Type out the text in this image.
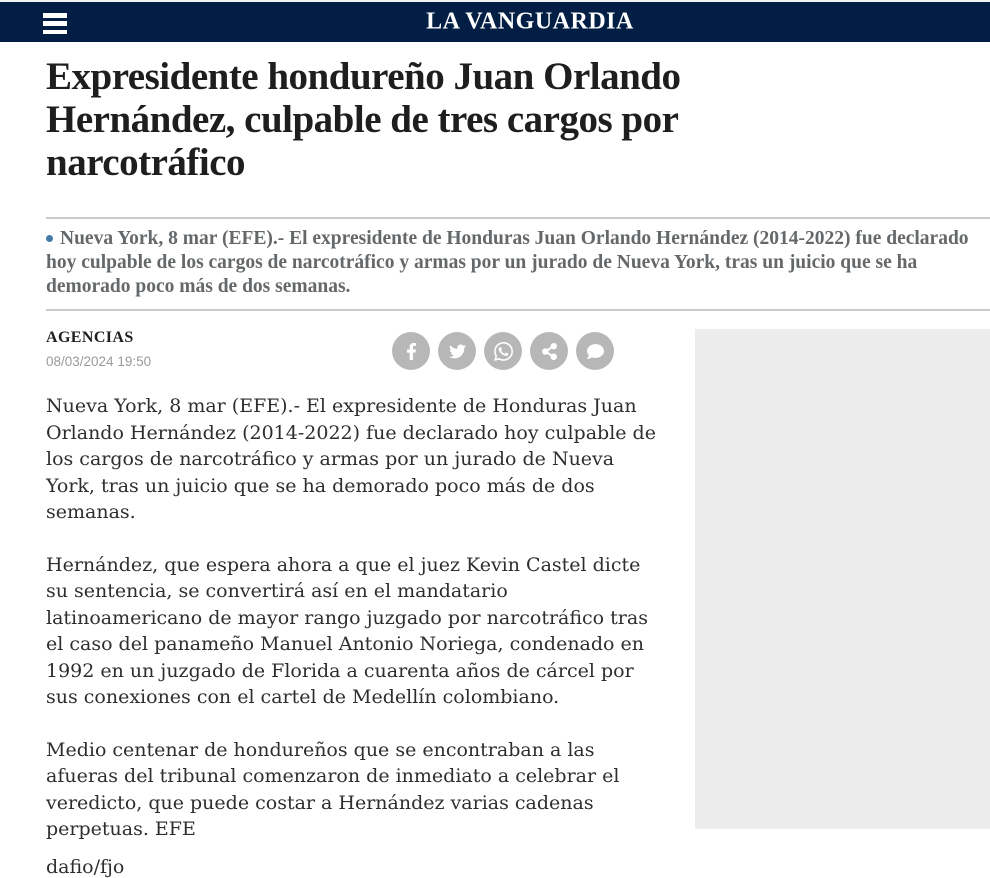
LA VANGUARDIA
Expresidente hondureño Juan Orlando Hernández, culpable de tres cargos por narcotráfico
Nueva York, 8 mar (EFE).- El expresidente de Honduras Juan Orlando Hernández (2014-2022) fue declarado hoy culpable de los cargos de narcotráfico y armas por un jurado de Nueva York, tras un juicio que se ha demorado poco más de dos semanas.
AGENCIAS
08/03/2024 19:50

Nueva York, 8 mar (EFE).- El expresidente de Honduras Juan Orlando Hernández (2014-2022) fue declarado hoy culpable de los cargos de narcotráfico y armas por un jurado de Nueva York, tras un juicio que se ha demorado poco más de dos semanas.

Hernández, que espera ahora a que el juez Kevin Castel dicte su sentencia, se convertirá así en el mandatario latinoamericano de mayor rango juzgado por narcotráfico tras el caso del panameño Manuel Antonio Noriega, condenado en 1992 en un juzgado de Florida a cuarenta años de cárcel por sus conexiones con el cartel de Medellín colombiano.

Medio centenar de hondureños que se encontraban a las afueras del tribunal comenzaron de inmediato a celebrar el veredicto, que puede costar a Hernández varias cadenas perpetuas. EFE

dafio/fjo
